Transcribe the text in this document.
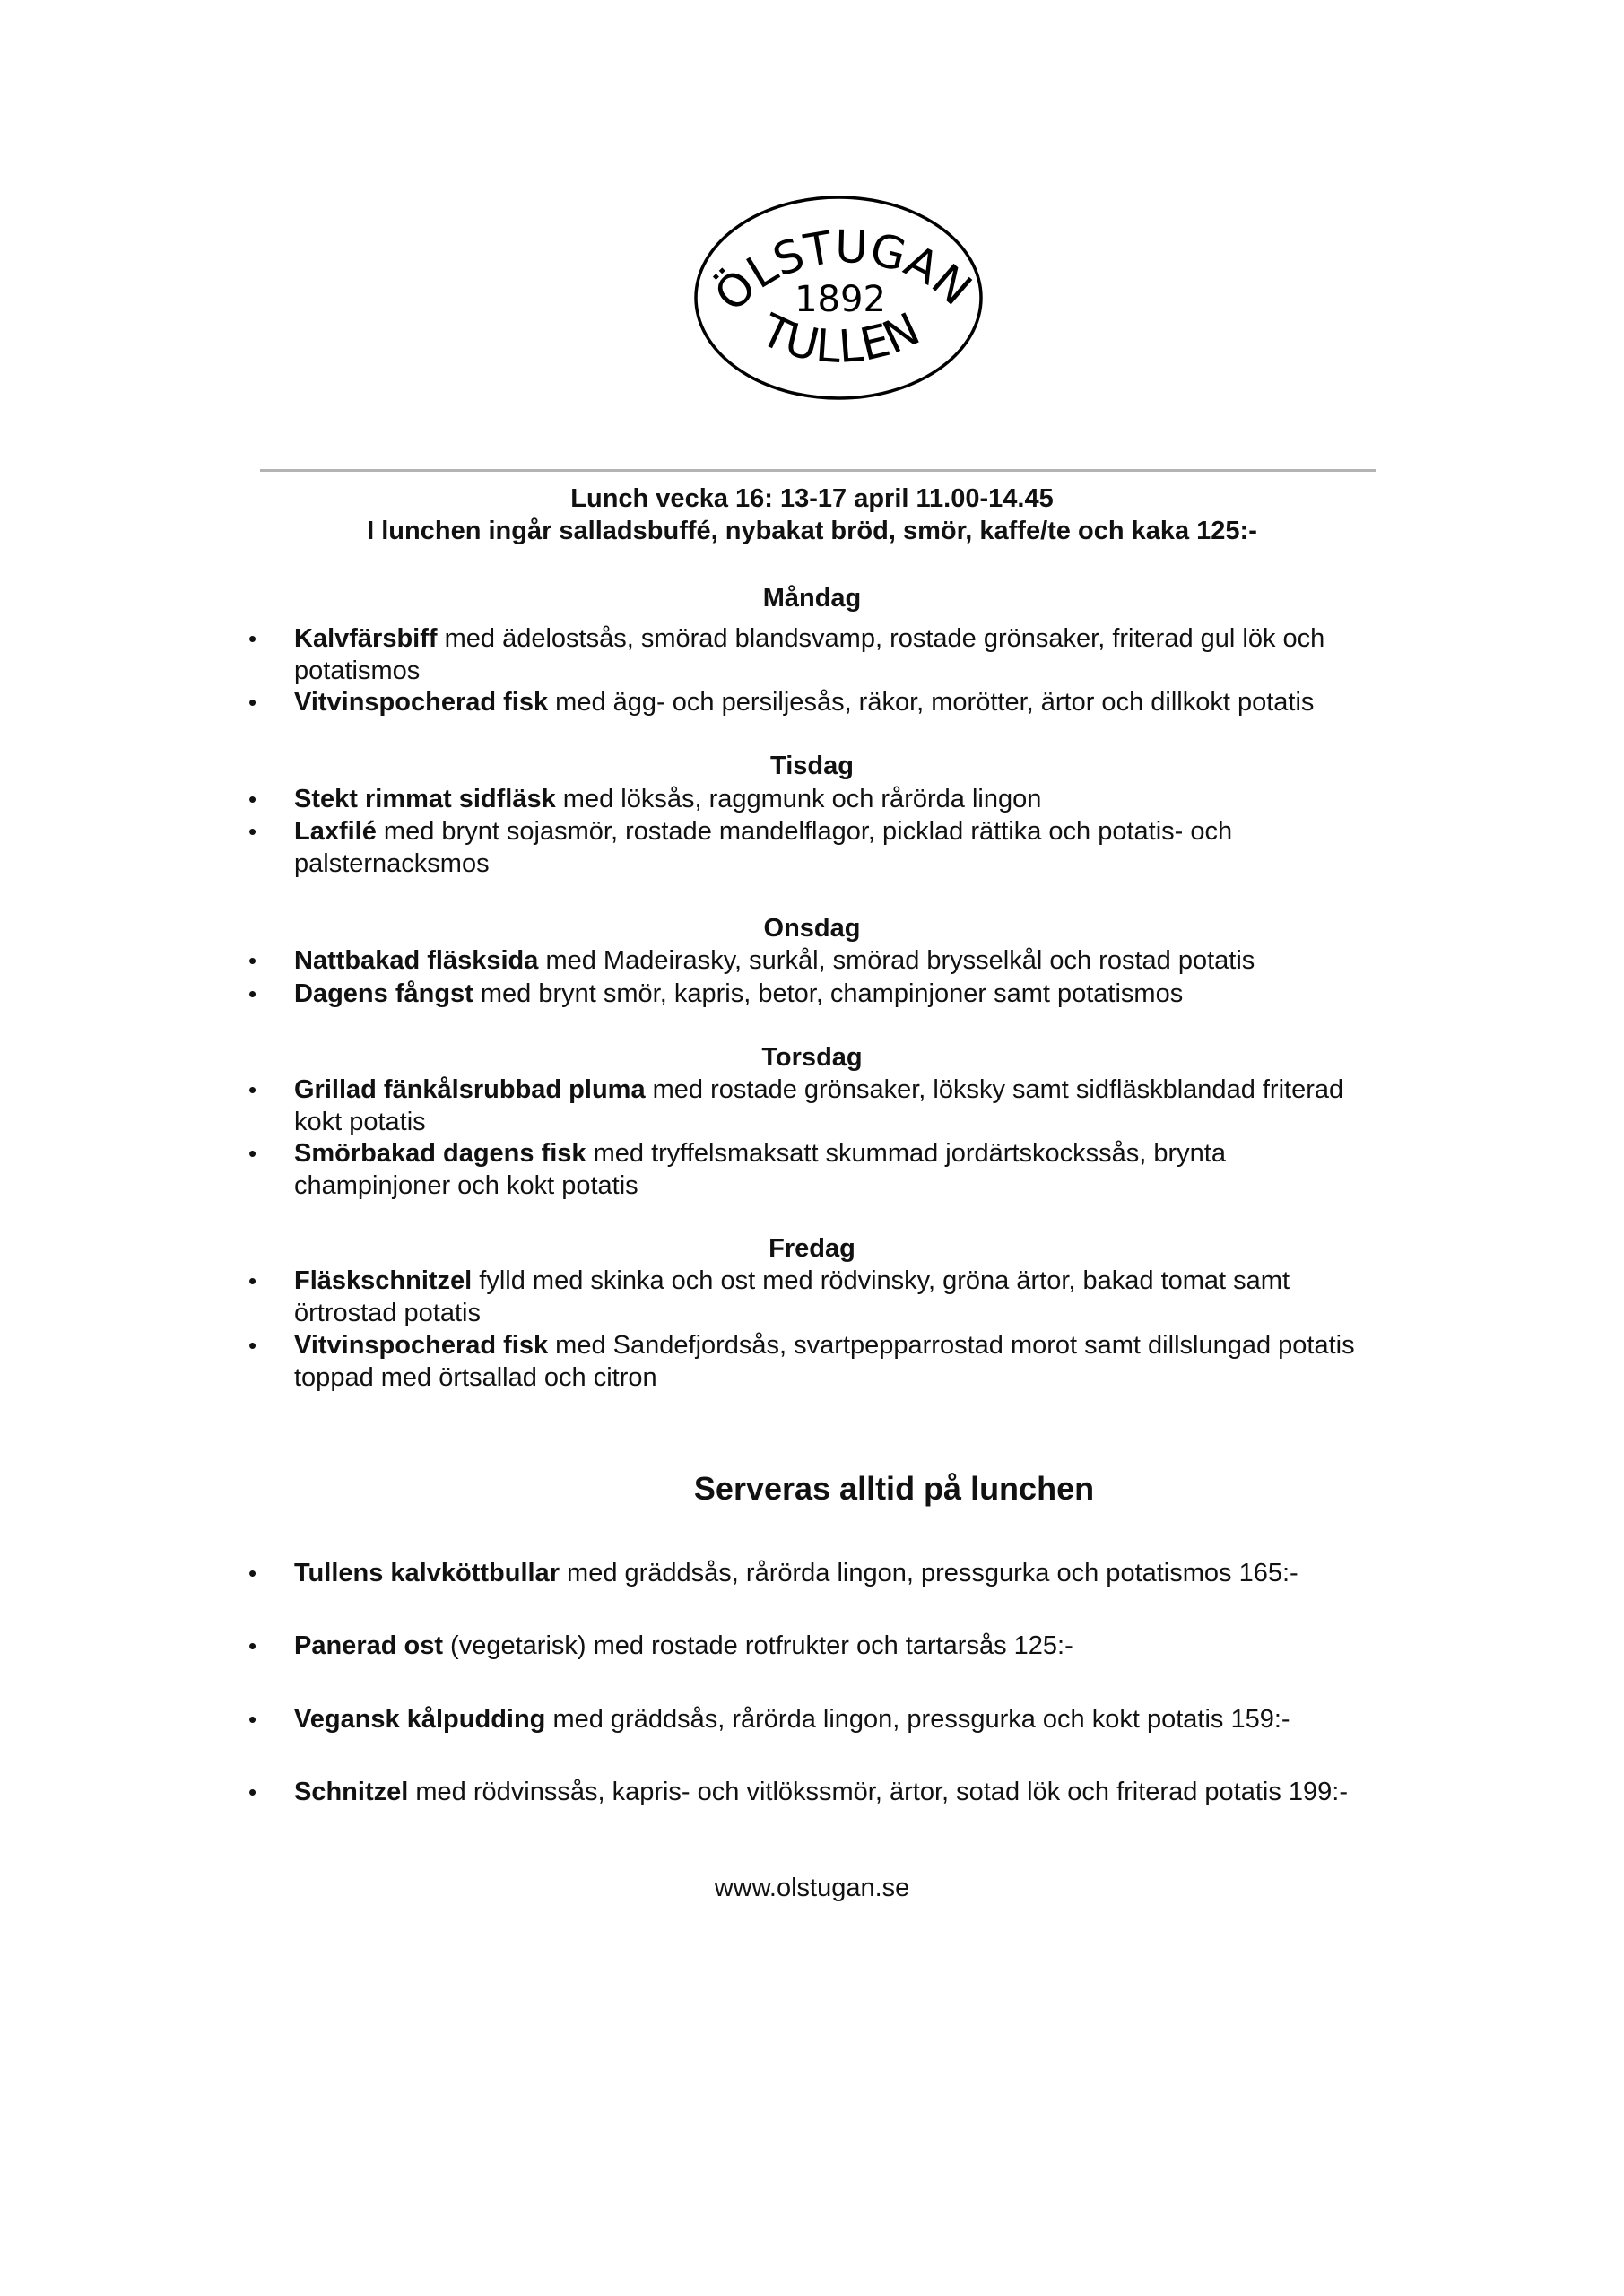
ÖLSTUGAN
1892
TULLEN
Lunch vecka 16: 13-17 april 11.00-14.45
I lunchen ingår salladsbuffé, nybakat bröd, smör, kaffe/te och kaka 125:-
Måndag
• Kalvfärsbiff med ädelostsås, smörad blandsvamp, rostade grönsaker, friterad gul lök och
potatismos
• Vitvinspocherad fisk med ägg- och persiljesås, räkor, morötter, ärtor och dillkokt potatis
Tisdag
• Stekt rimmat sidfläsk med löksås, raggmunk och rårörda lingon
• Laxfilé med brynt sojasmör, rostade mandelflagor, picklad rättika och potatis- och
palsternacksmos
Onsdag
• Nattbakad fläsksida med Madeirasky, surkål, smörad brysselkål och rostad potatis
• Dagens fångst med brynt smör, kapris, betor, champinjoner samt potatismos
Torsdag
• Grillad fänkålsrubbad pluma med rostade grönsaker, löksky samt sidfläskblandad friterad
kokt potatis
• Smörbakad dagens fisk med tryffelsmaksatt skummad jordärtskockssås, brynta
champinjoner och kokt potatis
Fredag
• Fläskschnitzel fylld med skinka och ost med rödvinsky, gröna ärtor, bakad tomat samt
örtrostad potatis
• Vitvinspocherad fisk med Sandefjordsås, svartpepparrostad morot samt dillslungad potatis
toppad med örtsallad och citron
Serveras alltid på lunchen
• Tullens kalvköttbullar med gräddsås, rårörda lingon, pressgurka och potatismos 165:-
• Panerad ost (vegetarisk) med rostade rotfrukter och tartarsås 125:-
• Vegansk kålpudding med gräddsås, rårörda lingon, pressgurka och kokt potatis 159:-
• Schnitzel med rödvinssås, kapris- och vitlökssmör, ärtor, sotad lök och friterad potatis 199:-
www.olstugan.se
